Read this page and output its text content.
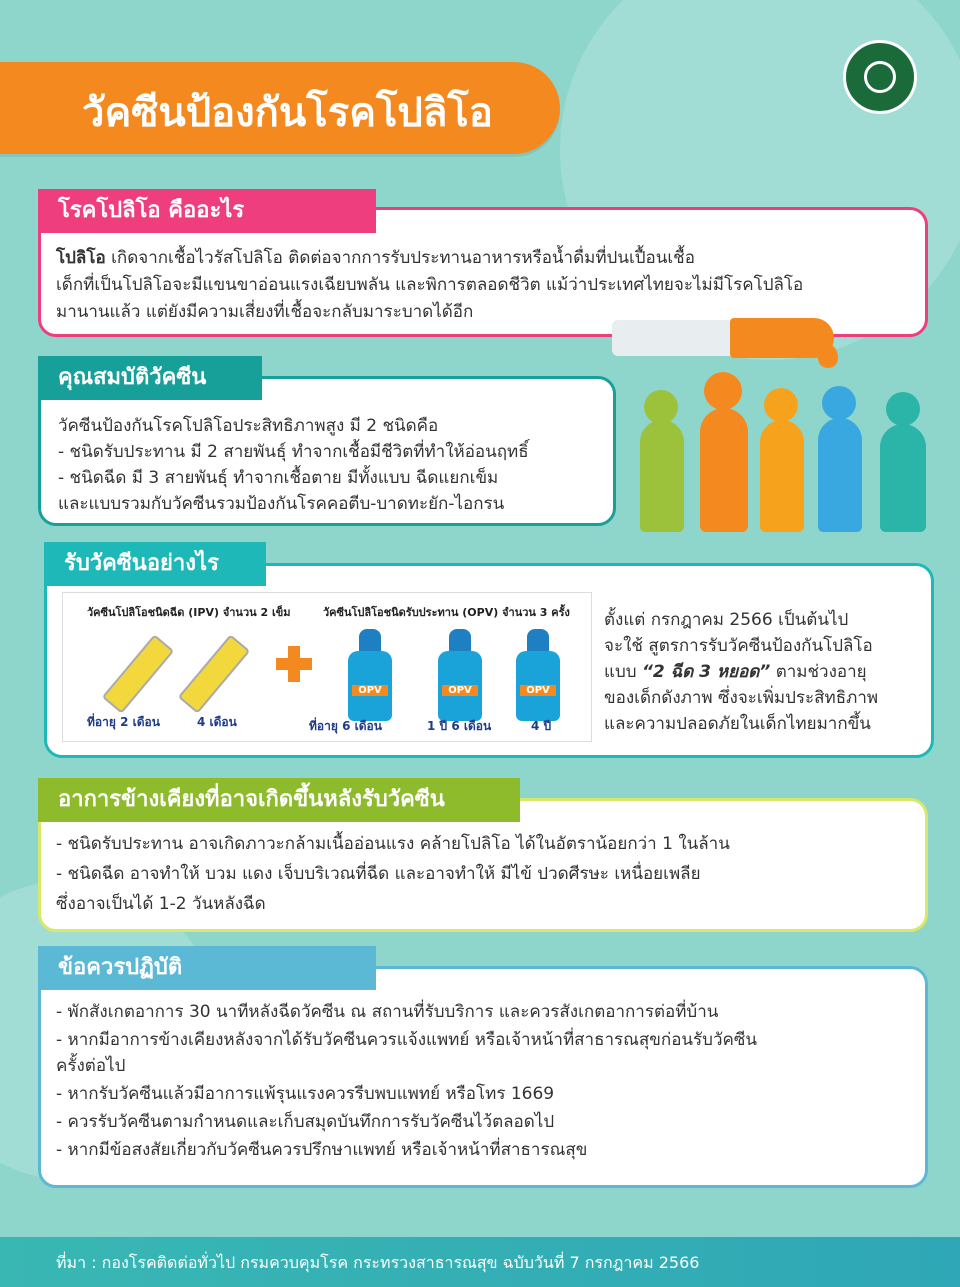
วัคซีนป้องกันโรคโปลิโอ
โรคโปลิโอ คืออะไร
โปลิโอ เกิดจากเชื้อไวรัสโปลิโอ ติดต่อจากการรับประทานอาหารหรือน้ำดื่มที่ปนเปื้อนเชื้อ
เด็กที่เป็นโปลิโอจะมีแขนขาอ่อนแรงเฉียบพลัน และพิการตลอดชีวิต แม้ว่าประเทศไทยจะไม่มีโรคโปลิโอ
มานานแล้ว แต่ยังมีความเสี่ยงที่เชื้อจะกลับมาระบาดได้อีก
คุณสมบัติวัคซีน
วัคซีนป้องกันโรคโปลิโอประสิทธิภาพสูง มี 2 ชนิดคือ
- ชนิดรับประทาน มี 2 สายพันธุ์ ทำจากเชื้อมีชีวิตที่ทำให้อ่อนฤทธิ์
- ชนิดฉีด มี 3 สายพันธุ์ ทำจากเชื้อตาย มีทั้งแบบ ฉีดแยกเข็ม
และแบบรวมกับวัคซีนรวมป้องกันโรคคอตีบ-บาดทะยัก-ไอกรน
รับวัคซีนอย่างไร
วัคซีนโปลิโอชนิดฉีด (IPV) จำนวน 2 เข็ม	วัคซีนโปลิโอชนิดรับประทาน (OPV) จำนวน 3 ครั้ง
OPV	OPV	OPV
ที่อายุ 2 เดือน	4 เดือน	ที่อายุ 6 เดือน	1 ปี 6 เดือน	4 ปี
ตั้งแต่ กรกฎาคม 2566 เป็นต้นไป
จะใช้ สูตรการรับวัคซีนป้องกันโปลิโอ
แบบ “2 ฉีด 3 หยอด” ตามช่วงอายุ
ของเด็กดังภาพ ซึ่งจะเพิ่มประสิทธิภาพ
และความปลอดภัยในเด็กไทยมากขึ้น
อาการข้างเคียงที่อาจเกิดขึ้นหลังรับวัคซีน
- ชนิดรับประทาน อาจเกิดภาวะกล้ามเนื้ออ่อนแรง คล้ายโปลิโอ ได้ในอัตราน้อยกว่า 1 ในล้าน
- ชนิดฉีด อาจทำให้ บวม แดง เจ็บบริเวณที่ฉีด และอาจทำให้ มีไข้ ปวดศีรษะ เหนื่อยเพลีย
ซึ่งอาจเป็นได้ 1-2 วันหลังฉีด
ข้อควรปฏิบัติ
- พักสังเกตอาการ 30 นาทีหลังฉีดวัคซีน ณ สถานที่รับบริการ และควรสังเกตอาการต่อที่บ้าน
- หากมีอาการข้างเคียงหลังจากได้รับวัคซีนควรแจ้งแพทย์ หรือเจ้าหน้าที่สาธารณสุขก่อนรับวัคซีน
ครั้งต่อไป
- หากรับวัคซีนแล้วมีอาการแพ้รุนแรงควรรีบพบแพทย์ หรือโทร 1669
- ควรรับวัคซีนตามกำหนดและเก็บสมุดบันทึกการรับวัคซีนไว้ตลอดไป
- หากมีข้อสงสัยเกี่ยวกับวัคซีนควรปรึกษาแพทย์ หรือเจ้าหน้าที่สาธารณสุข
ที่มา : กองโรคติดต่อทั่วไป กรมควบคุมโรค กระทรวงสาธารณสุข ฉบับวันที่ 7 กรกฎาคม 2566
